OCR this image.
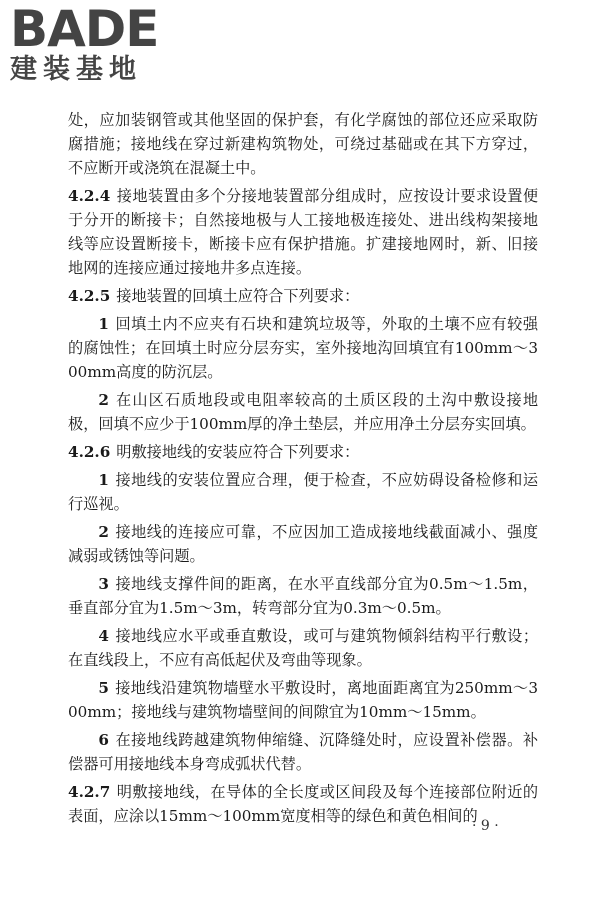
BADE
建装基地

处，应加装钢管或其他坚固的保护套，有化学腐蚀的部位还应采取防腐措施；接地线在穿过新建构筑物处，可绕过基础或在其下方穿过，不应断开或浇筑在混凝土中。

4.2.4 接地装置由多个分接地装置部分组成时，应按设计要求设置便于分开的断接卡；自然接地极与人工接地极连接处、进出线构架接地线等应设置断接卡，断接卡应有保护措施。扩建接地网时，新、旧接地网的连接应通过接地井多点连接。

4.2.5 接地装置的回填土应符合下列要求：

1 回填土内不应夹有石块和建筑垃圾等，外取的土壤不应有较强的腐蚀性；在回填土时应分层夯实，室外接地沟回填宜有100mm～300mm高度的防沉层。

2 在山区石质地段或电阻率较高的土质区段的土沟中敷设接地极，回填不应少于100mm厚的净土垫层，并应用净土分层夯实回填。

4.2.6 明敷接地线的安装应符合下列要求：

1 接地线的安装位置应合理，便于检查，不应妨碍设备检修和运行巡视。

2 接地线的连接应可靠，不应因加工造成接地线截面减小、强度减弱或锈蚀等问题。

3 接地线支撑件间的距离，在水平直线部分宜为0.5m～1.5m，垂直部分宜为1.5m～3m，转弯部分宜为0.3m～0.5m。

4 接地线应水平或垂直敷设，或可与建筑物倾斜结构平行敷设；在直线段上，不应有高低起伏及弯曲等现象。

5 接地线沿建筑物墙壁水平敷设时，离地面距离宜为250mm～300mm；接地线与建筑物墙壁间的间隙宜为10mm～15mm。

6 在接地线跨越建筑物伸缩缝、沉降缝处时，应设置补偿器。补偿器可用接地线本身弯成弧状代替。

4.2.7 明敷接地线，在导体的全长度或区间段及每个连接部位附近的表面，应涂以15mm～100mm宽度相等的绿色和黄色相间的

· 9 ·
